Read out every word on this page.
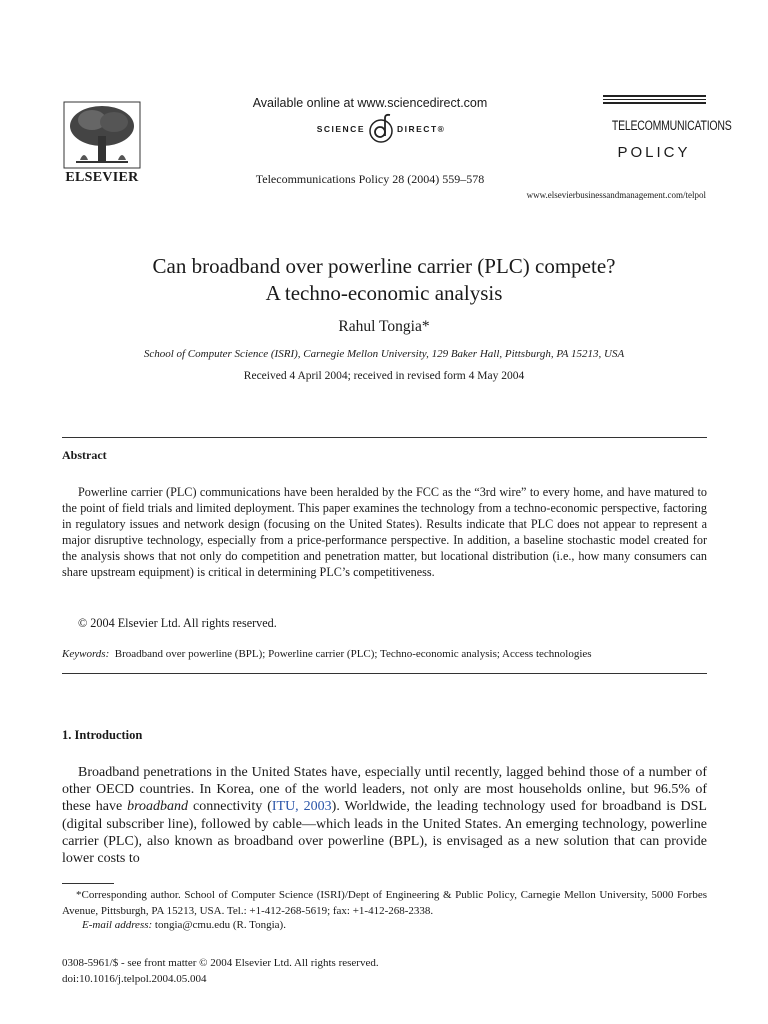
ELSEVIER
Available online at www.sciencedirect.com
SCIENCE	DIRECT®
Telecommunications Policy 28 (2004) 559–578
www.elsevierbusinessandmanagement.com/telpol
TELECOMMUNICATIONS
POLICY
Can broadband over powerline carrier (PLC) compete?
A techno-economic analysis
Rahul Tongia*
School of Computer Science (ISRI), Carnegie Mellon University, 129 Baker Hall, Pittsburgh, PA 15213, USA
Received 4 April 2004; received in revised form 4 May 2004
Abstract
Powerline carrier (PLC) communications have been heralded by the FCC as the “3rd wire” to every home, and have matured to the point of field trials and limited deployment. This paper examines the technology from a techno-economic perspective, factoring in regulatory issues and network design (focusing on the United States). Results indicate that PLC does not appear to represent a major disruptive technology, especially from a price-performance perspective. In addition, a baseline stochastic model created for the analysis shows that not only do competition and penetration matter, but locational distribution (i.e., how many consumers can share upstream equipment) is critical in determining PLC’s competitiveness.
© 2004 Elsevier Ltd. All rights reserved.
Keywords: Broadband over powerline (BPL); Powerline carrier (PLC); Techno-economic analysis; Access technologies
1. Introduction
Broadband penetrations in the United States have, especially until recently, lagged behind those of a number of other OECD countries. In Korea, one of the world leaders, not only are most households online, but 96.5% of these have broadband connectivity (ITU, 2003). Worldwide, the leading technology used for broadband is DSL (digital subscriber line), followed by cable—which leads in the United States. An emerging technology, powerline carrier (PLC), also known as broadband over powerline (BPL), is envisaged as a new solution that can provide lower costs to
*Corresponding author. School of Computer Science (ISRI)/Dept of Engineering & Public Policy, Carnegie Mellon University, 5000 Forbes Avenue, Pittsburgh, PA 15213, USA. Tel.: +1-412-268-5619; fax: +1-412-268-2338.
E-mail address: tongia@cmu.edu (R. Tongia).
0308-5961/$ - see front matter © 2004 Elsevier Ltd. All rights reserved.
doi:10.1016/j.telpol.2004.05.004
